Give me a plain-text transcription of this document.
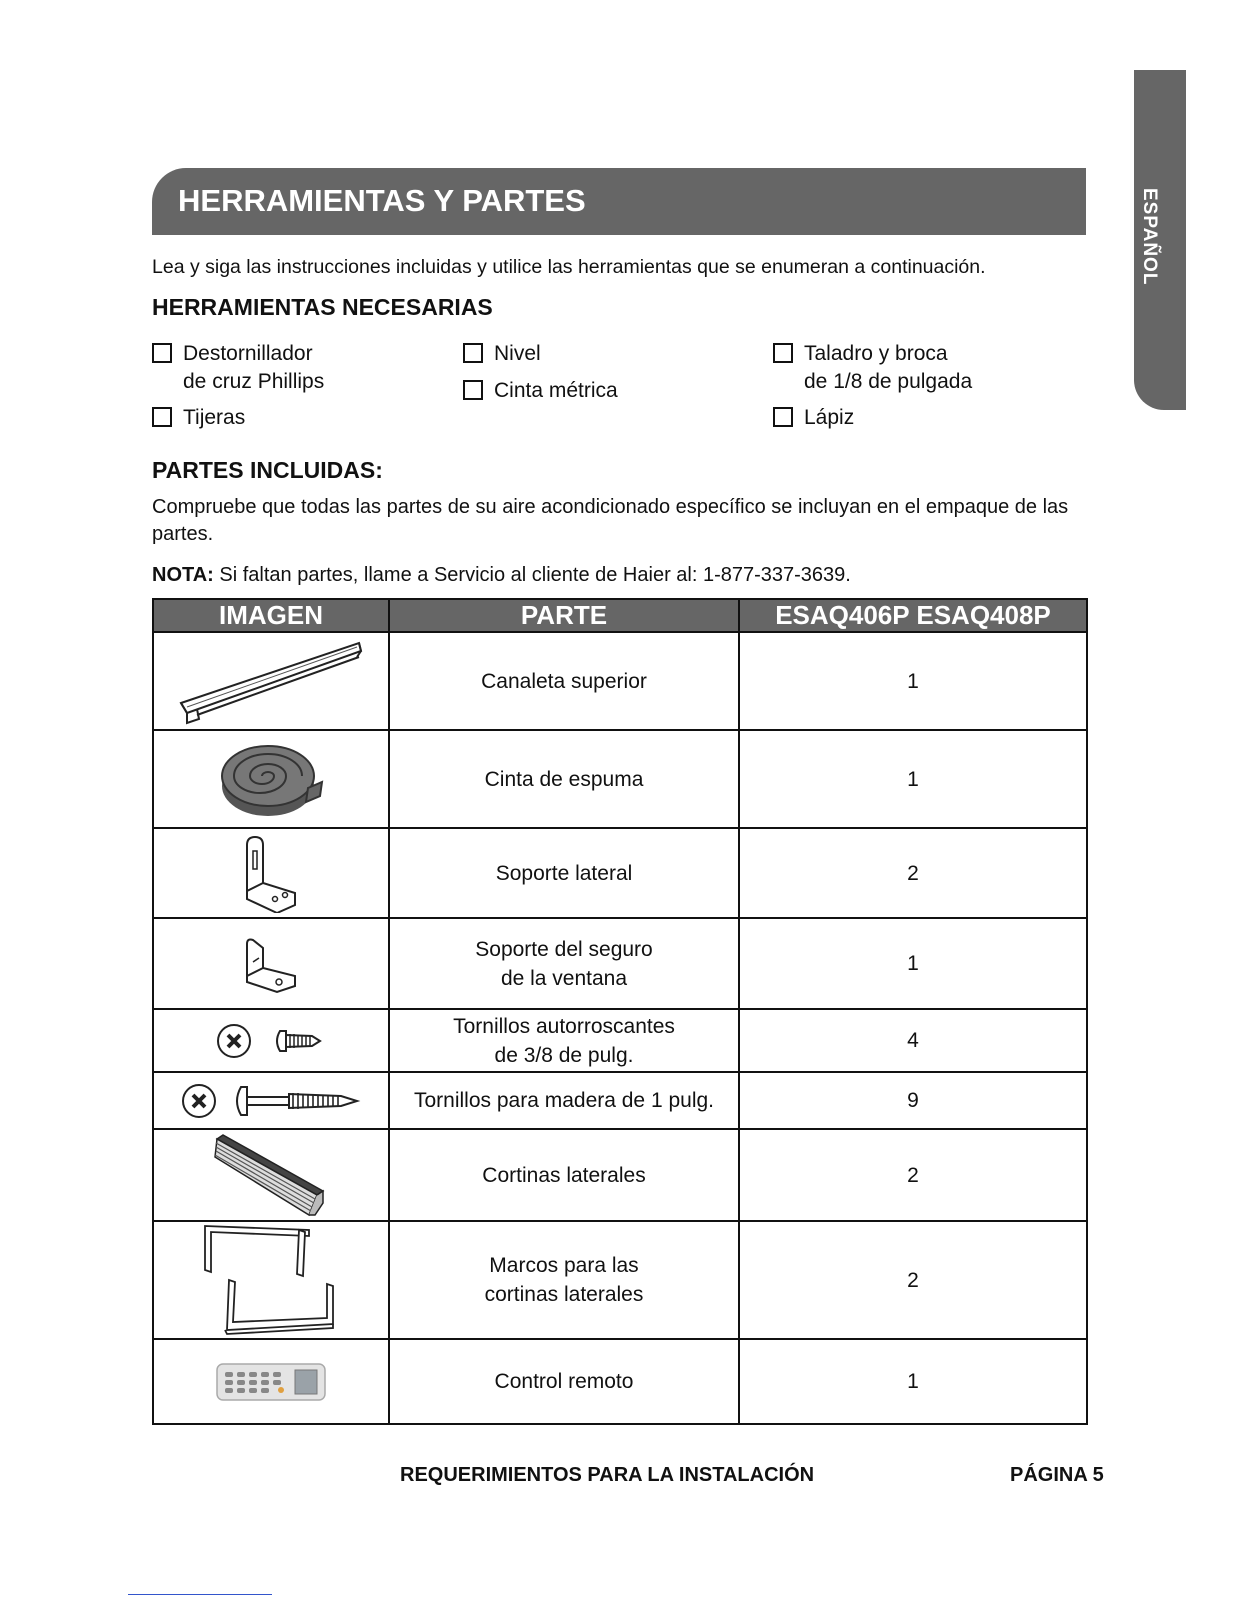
ESPAÑOL
HERRAMIENTAS Y PARTES
Lea y siga las instrucciones incluidas y utilice las herramientas que se enumeran a continuación.
HERRAMIENTAS NECESARIAS
Destornillador
de cruz Phillips
Tijeras
Nivel
Cinta métrica
Taladro y broca
de 1/8 de pulgada
Lápiz
PARTES INCLUIDAS:
Compruebe que todas las partes de su aire acondicionado específico se incluyan en el empaque de las partes.
NOTA: Si faltan partes, llame a Servicio al cliente de Haier al: 1-877-337-3639.
IMAGEN	PARTE	ESAQ406P ESAQ408P

	Canaleta superior	1

	Cinta de espuma	1

	Soporte lateral	2

	Soporte del seguro
de la ventana	1

	Tornillos autorroscantes
de 3/8 de pulg.	4

	Tornillos para madera de 1 pulg.	9

	Cortinas laterales	2

	Marcos para las
cortinas laterales	2

	Control remoto	1
REQUERIMIENTOS PARA LA INSTALACIÓN	PÁGINA 5
